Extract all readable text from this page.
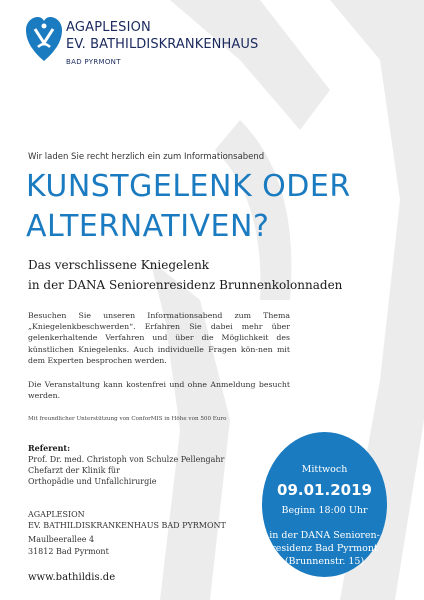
AGAPLESION
EV. BATHILDISKRANKENHAUS
BAD PYRMONT
Wir laden Sie recht herzlich ein zum Informationsabend
KUNSTGELENK ODER
ALTERNATIVEN?
Das verschlissene Kniegelenk
in der DANA Seniorenresidenz Brunnenkolonnaden
Besuchen Sie unseren Informationsabend zum Thema „Kniegelenkbeschwerden“. Erfahren Sie dabei mehr über gelenkerhaltende Verfahren und über die Möglichkeit des künstlichen Kniegelenks. Auch individuelle Fragen kön-nen mit dem Experten besprochen werden.
Die Veranstaltung kann kostenfrei und ohne Anmeldung besucht werden.
Mit freundlicher Unterstützung von ConforMIS in Höhe von 500 Euro
Referent:
Prof. Dr. med. Christoph von Schulze Pellengahr
Chefarzt der Klinik für
Orthopädie und Unfallchirurgie
AGAPLESION
EV. BATHILDISKRANKENHAUS BAD PYRMONT
Maulbeerallee 4
31812 Bad Pyrmont
www.bathildis.de
Mittwoch
09.01.2019
Beginn 18:00 Uhr
in der DANA Senioren-
residenz Bad Pyrmont
(Brunnenstr. 15)
